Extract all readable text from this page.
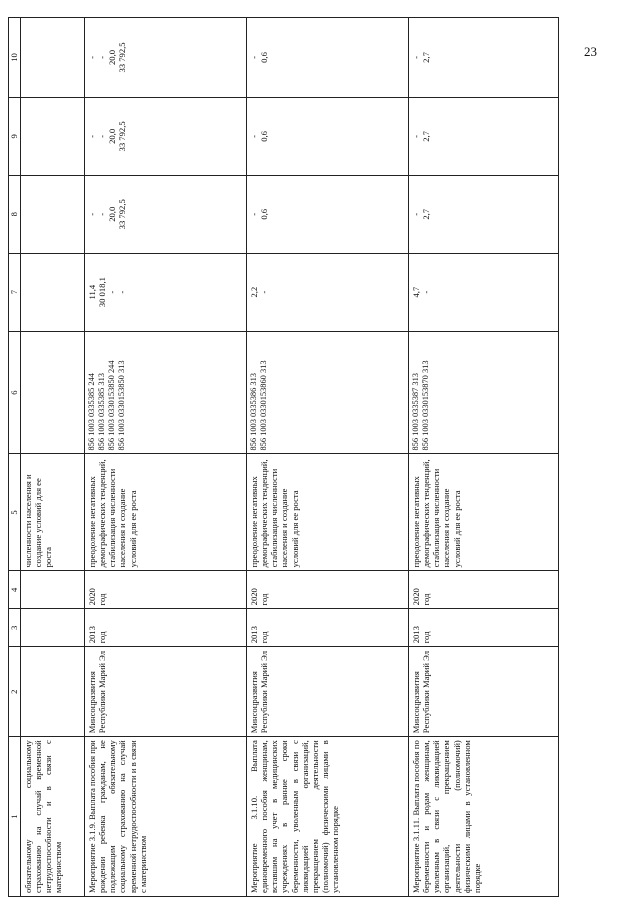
23
1	2	3	4	5	6	7	8	9	10
обязательному социальному страхованию на случай временной нетрудоспособности и в связи с материнством				численности населения и создание условий для ее роста					
Мероприятие 3.1.9. Выплата пособия при рождении ребенка гражданам, не подлежащим обязательному социальному страхованию на случай временной нетрудоспособности и в связи с материнством	Минсоцразвития Республики Марий Эл	2013 год	2020 год	преодоление негативных демографических тенденций, стабилизация численности населения и создание условий для ее роста	856 1003 0335385 244 856 1003 0335385 313 856 1003 0330153850 244 856 1003 0330153850 313	11,4 30 018,1 - -	- - 20,0 33 792,5	- - 20,0 33 792,5	- - 20,0 33 792,5

Мероприятие 3.1.10. Выплата единовременного пособия женщинам, вставшим на учет в медицинских учреждениях в ранние сроки беременности, уволенным в связи с ликвидацией организаций, прекращением деятельности (полномочий) физическими лицами в установленном порядке	Минсоцразвития Республики Марий Эл	2013 год	2020 год	преодоление негативных демографических тенденций, стабилизация численности населения и создание условий для ее роста	856 1003 0335386 313 856 1003 0330153860 313	2,2 -	- 0,6	- 0,6	- 0,6

Мероприятие 3.1.11. Выплата пособия по беременности и родам женщинам, уволенным в связи с ликвидацией организаций, прекращением деятельности (полномочий) физическими лицами в установленном порядке	Минсоцразвития Республики Марий Эл	2013 год	2020 год	преодоление негативных демографических тенденций, стабилизация численности населения и создание условий для ее роста	856 1003 0335387 313 856 1003 0330153870 313	4,7 -	- 2,7	- 2,7	- 2,7
